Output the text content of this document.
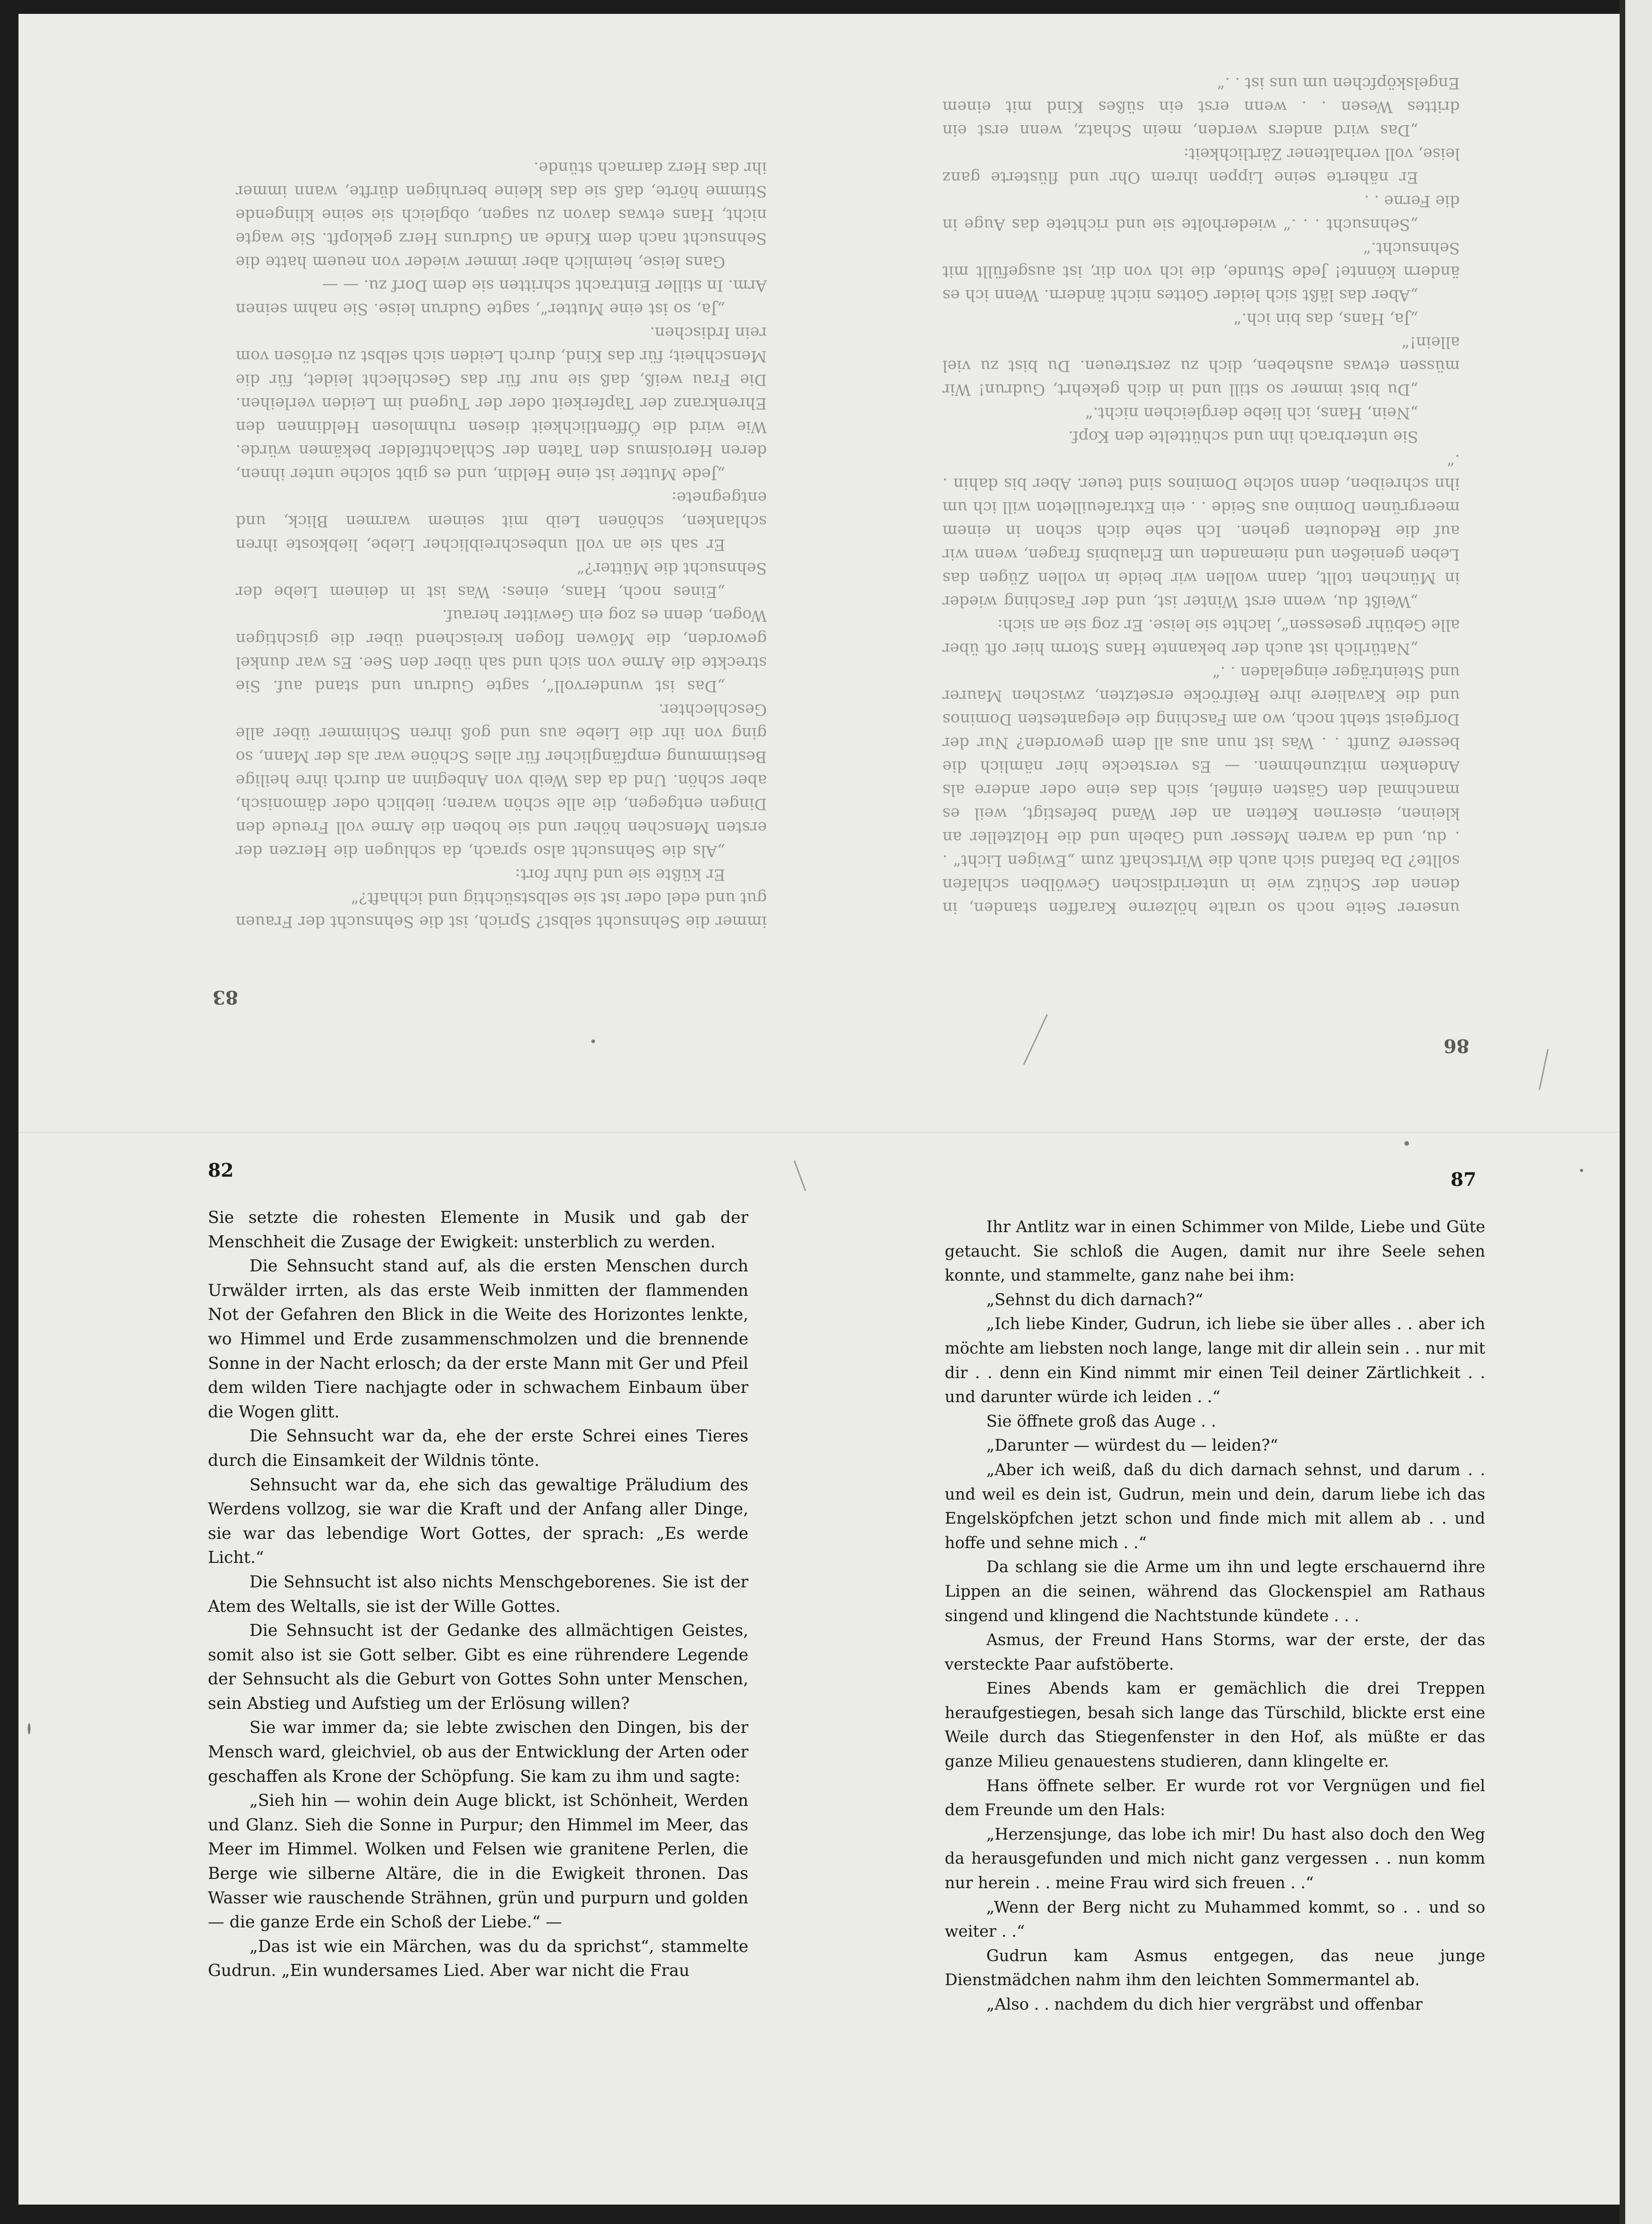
unserer Seite noch so uralte hölzerne Karaffen standen, in denen der Schütz wie in unterirdischen Gewölben schlafen sollte? Da befand sich auch die Wirtschaft zum „Ewigen Licht“ . . du, und da waren Messer und Gabeln und die Holzteller an kleinen, eisernen Ketten an der Wand befestigt, weil es manchmal den Gästen einfiel, sich das eine oder andere als Andenken mitzunehmen. — Es verstecke hier nämlich die bessere Zunft . . Was ist nun aus all dem geworden? Nur der Dorfgeist steht noch, wo am Fasching die elegantesten Dominos und die Kavaliere ihre Reifröcke ersetzten, zwischen Maurer und Steinträger eingeladen . .“

„Natürlich ist auch der bekannte Hans Storm hier oft über alle Gebühr gesessen“, lachte sie leise. Er zog sie an sich:

„Weißt du, wenn erst Winter ist, und der Fasching wieder in München tollt, dann wollen wir beide in vollen Zügen das Leben genießen und niemanden um Erlaubnis fragen, wenn wir auf die Redouten gehen. Ich sehe dich schon in einem meergrünen Domino aus Seide . . ein Extrafeuilleton will ich um ihn schreiben, denn solche Dominos sind teuer. Aber bis dahin . .“

Sie unterbrach ihn und schüttelte den Kopf.

„Nein, Hans, ich liebe dergleichen nicht.“

„Du bist immer so still und in dich gekehrt, Gudrun! Wir müssen etwas ausheben, dich zu zerstreuen. Du bist zu viel allein!“

„Ja, Hans, das bin ich.“

„Aber das läßt sich leider Gottes nicht ändern. Wenn ich es ändern könnte! Jede Stunde, die ich von dir, ist ausgefüllt mit Sehnsucht.“

„Sehnsucht . . .“ wiederholte sie und richtete das Auge in die Ferne . .

Er näherte seine Lippen ihrem Ohr und flüsterte ganz leise, voll verhaltener Zärtlichkeit:

„Das wird anders werden, mein Schatz, wenn erst ein drittes Wesen . . wenn erst ein süßes Kind mit einem Engelsköpfchen um uns ist . .“

86

immer die Sehnsucht selbst? Sprich, ist die Sehnsucht der Frauen gut und edel oder ist sie selbstsüchtig und ichhaft?“

Er küßte sie und fuhr fort:

„Als die Sehnsucht also sprach, da schlugen die Herzen der ersten Menschen höher und sie hoben die Arme voll Freude den Dingen entgegen, die alle schön waren; lieblich oder dämonisch, aber schön. Und da das Weib von Anbeginn an durch ihre heilige Bestimmung empfänglicher für alles Schöne war als der Mann, so ging von ihr die Liebe aus und goß ihren Schimmer über alle Geschlechter.

„Das ist wundervoll“, sagte Gudrun und stand auf. Sie streckte die Arme von sich und sah über den See. Es war dunkel geworden, die Möwen flogen kreischend über die gischtigen Wogen, denn es zog ein Gewitter herauf.

„Eines noch, Hans, eines: Was ist in deinem Liebe der Sehnsucht die Mütter?“

Er sah sie an voll unbeschreiblicher Liebe, liebkoste ihren schlanken, schönen Leib mit seinem warmen Blick, und entgegnete:

„Jede Mutter ist eine Heldin, und es gibt solche unter ihnen, deren Heroismus den Taten der Schlachtfelder bekämen würde. Wie wird die Öffentlichkeit diesen ruhmlosen Heldinnen den Ehrenkranz der Tapferkeit oder der Tugend im Leiden verleihen. Die Frau weiß, daß sie nur für das Geschlecht leidet, für die Menschheit; für das Kind, durch Leiden sich selbst zu erlösen vom rein Irdischen.

„Ja, so ist eine Mutter“, sagte Gudrun leise. Sie nahm seinen Arm. In stiller Eintracht schritten sie dem Dorf zu. — —

Gans leise, heimlich aber immer wieder von neuem hatte die Sehnsucht nach dem Kinde an Gudruns Herz geklopft. Sie wagte nicht, Hans etwas davon zu sagen, obgleich sie seine klingende Stimme hörte, daß sie das kleine beruhigen dürfte, wann immer ihr das Herz darnach stünde.

83
82

Sie setzte die rohesten Elemente in Musik und gab der Menschheit die Zusage der Ewigkeit: unsterblich zu werden.

Die Sehnsucht stand auf, als die ersten Menschen durch Urwälder irrten, als das erste Weib inmitten der flammenden Not der Gefahren den Blick in die Weite des Horizontes lenkte, wo Himmel und Erde zusammenschmolzen und die brennende Sonne in der Nacht erlosch; da der erste Mann mit Ger und Pfeil dem wilden Tiere nachjagte oder in schwachem Einbaum über die Wogen glitt.

Die Sehnsucht war da, ehe der erste Schrei eines Tieres durch die Einsamkeit der Wildnis tönte.

Sehnsucht war da, ehe sich das gewaltige Präludium des Werdens vollzog, sie war die Kraft und der Anfang aller Dinge, sie war das lebendige Wort Gottes, der sprach: „Es werde Licht.“

Die Sehnsucht ist also nichts Menschgeborenes. Sie ist der Atem des Weltalls, sie ist der Wille Gottes.

Die Sehnsucht ist der Gedanke des allmächtigen Geistes, somit also ist sie Gott selber. Gibt es eine rührendere Legende der Sehnsucht als die Geburt von Gottes Sohn unter Menschen, sein Abstieg und Aufstieg um der Erlösung willen?

Sie war immer da; sie lebte zwischen den Dingen, bis der Mensch ward, gleichviel, ob aus der Entwicklung der Arten oder geschaffen als Krone der Schöpfung. Sie kam zu ihm und sagte:

„Sieh hin — wohin dein Auge blickt, ist Schönheit, Werden und Glanz. Sieh die Sonne in Purpur; den Himmel im Meer, das Meer im Himmel. Wolken und Felsen wie granitene Perlen, die Berge wie silberne Altäre, die in die Ewigkeit thronen. Das Wasser wie rauschende Strähnen, grün und purpurn und golden — die ganze Erde ein Schoß der Liebe.“ —

„Das ist wie ein Märchen, was du da sprichst“, stammelte Gudrun. „Ein wundersames Lied. Aber war nicht die Frau

87

Ihr Antlitz war in einen Schimmer von Milde, Liebe und Güte getaucht. Sie schloß die Augen, damit nur ihre Seele sehen konnte, und stammelte, ganz nahe bei ihm:

„Sehnst du dich darnach?“

„Ich liebe Kinder, Gudrun, ich liebe sie über alles . . aber ich möchte am liebsten noch lange, lange mit dir allein sein . . nur mit dir . . denn ein Kind nimmt mir einen Teil deiner Zärtlichkeit . . und darunter würde ich leiden . .“

Sie öffnete groß das Auge . .

„Darunter — würdest du — leiden?“

„Aber ich weiß, daß du dich darnach sehnst, und darum . . und weil es dein ist, Gudrun, mein und dein, darum liebe ich das Engelsköpfchen jetzt schon und finde mich mit allem ab . . und hoffe und sehne mich . .“

Da schlang sie die Arme um ihn und legte erschauernd ihre Lippen an die seinen, während das Glockenspiel am Rathaus singend und klingend die Nachtstunde kündete . . .

Asmus, der Freund Hans Storms, war der erste, der das versteckte Paar aufstöberte.

Eines Abends kam er gemächlich die drei Treppen heraufgestiegen, besah sich lange das Türschild, blickte erst eine Weile durch das Stiegenfenster in den Hof, als müßte er das ganze Milieu genauestens studieren, dann klingelte er.

Hans öffnete selber. Er wurde rot vor Vergnügen und fiel dem Freunde um den Hals:

„Herzensjunge, das lobe ich mir! Du hast also doch den Weg da herausgefunden und mich nicht ganz vergessen . . nun komm nur herein . . meine Frau wird sich freuen . .“

„Wenn der Berg nicht zu Muhammed kommt, so . . und so weiter . .“

Gudrun kam Asmus entgegen, das neue junge Dienstmädchen nahm ihm den leichten Sommermantel ab.

„Also . . nachdem du dich hier vergräbst und offenbar
